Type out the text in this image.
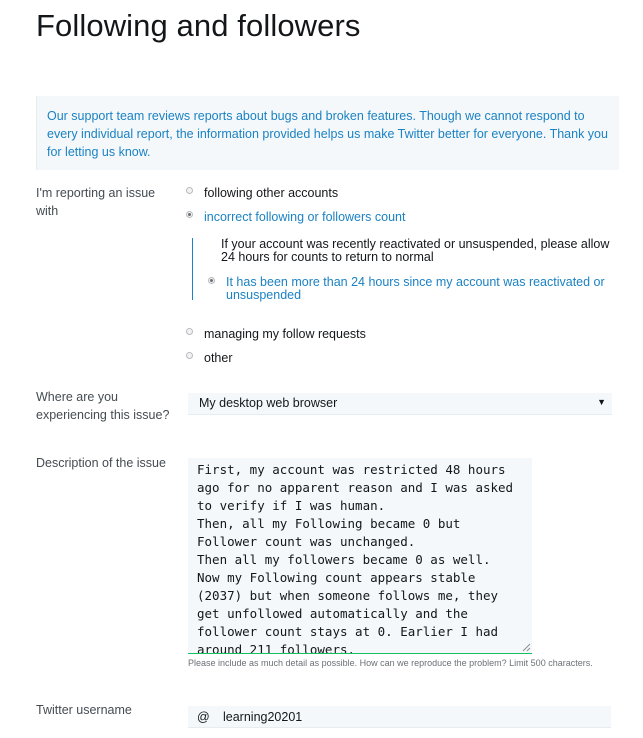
Following and followers
Our support team reviews reports about bugs and broken features. Though we cannot respond to every individual report, the information provided helps us make Twitter better for everyone. Thank you for letting us know.
I'm reporting an issue with
following other accounts
incorrect following or followers count
If your account was recently reactivated or unsuspended, please allow 24 hours for counts to return to normal
It has been more than 24 hours since my account was reactivated or unsuspended
managing my follow requests
other
Where are you experiencing this issue?
My desktop web browser	▼
Description of the issue
First, my account was restricted 48 hours ago for no apparent reason and I was asked to verify if I was human. Then, all my Following became 0 but Follower count was unchanged. Then all my followers became 0 as well. Now my Following count appears stable (2037) but when someone follows me, they get unfollowed automatically and the follower count stays at 0. Earlier I had around 211 followers.
Please include as much detail as possible. How can we reproduce the problem? Limit 500 characters.
Twitter username	@ learning20201
